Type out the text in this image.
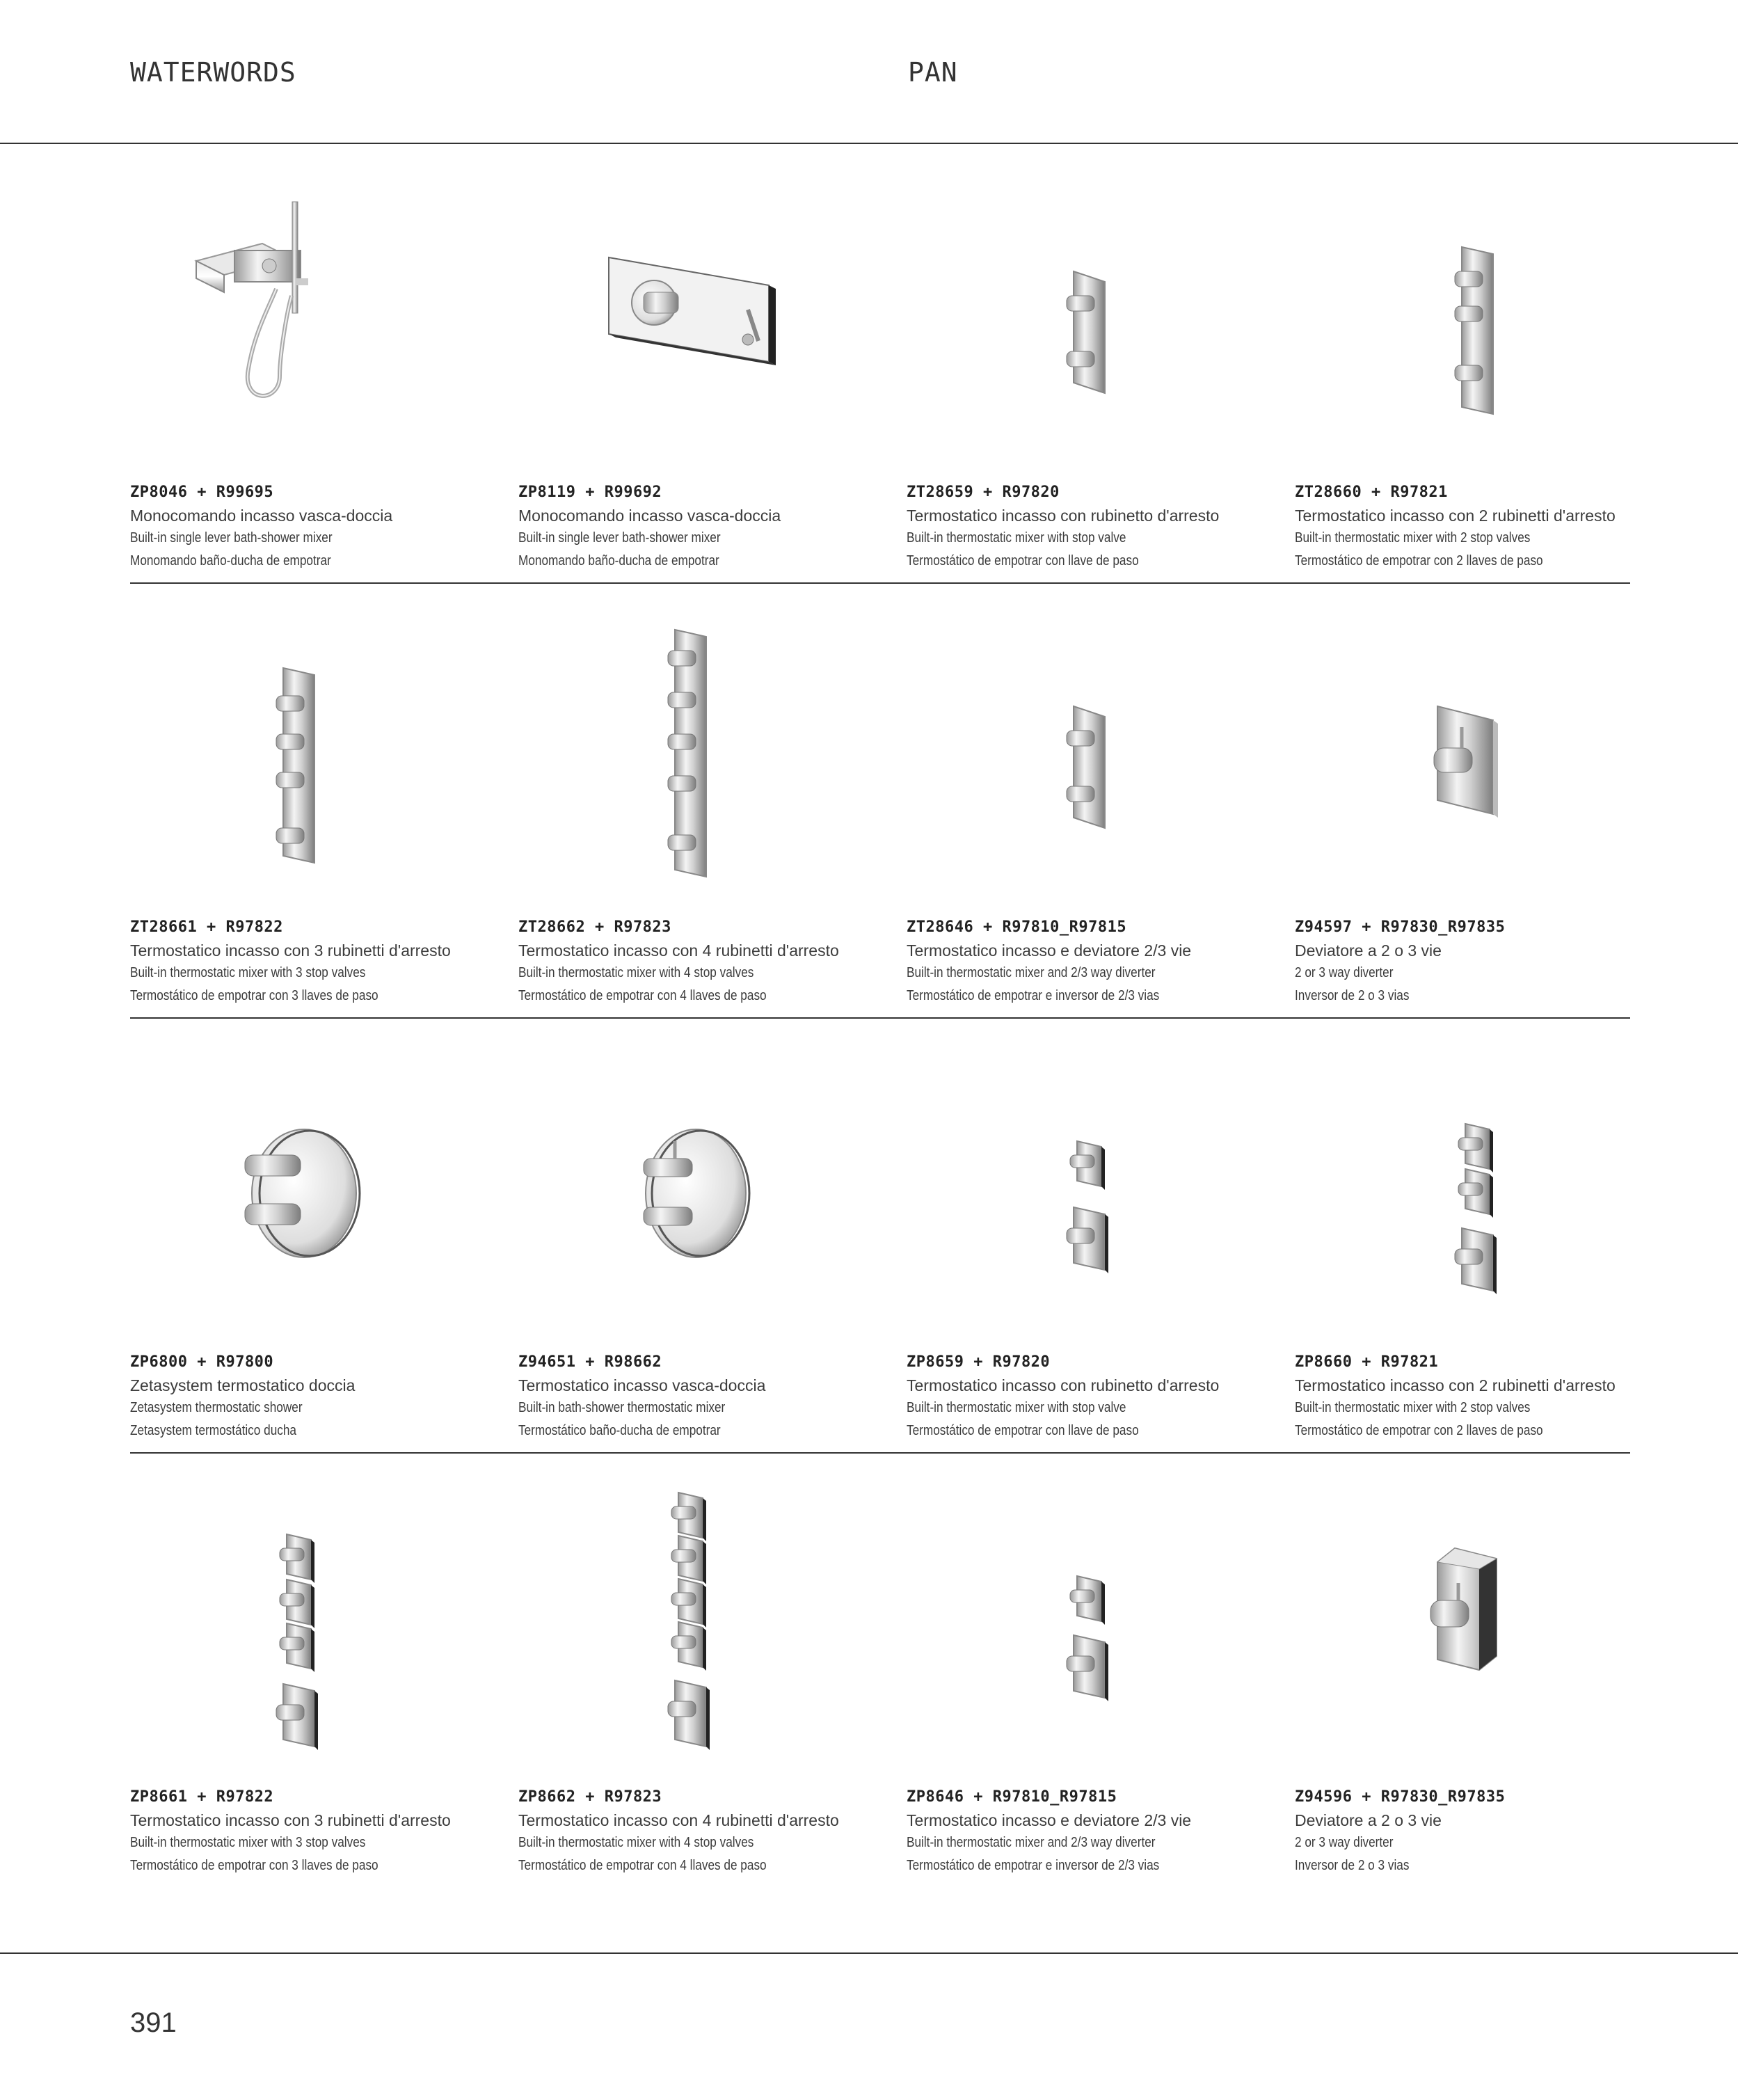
WATERWORDS	PAN
ZP8046 + R99695
Monocomando incasso vasca-doccia
Built-in single lever bath-shower mixer
Monomando baño-ducha de empotrar
ZP8119 + R99692
Monocomando incasso vasca-doccia
Built-in single lever bath-shower mixer
Monomando baño-ducha de empotrar
ZT28659 + R97820
Termostatico incasso con rubinetto d'arresto
Built-in thermostatic mixer with stop valve
Termostático de empotrar con llave de paso
ZT28660 + R97821
Termostatico incasso con 2 rubinetti d'arresto
Built-in thermostatic mixer with 2 stop valves
Termostático de empotrar con 2 llaves de paso
ZT28661 + R97822
Termostatico incasso con 3 rubinetti d'arresto
Built-in thermostatic mixer with 3 stop valves
Termostático de empotrar con 3 llaves de paso
ZT28662 + R97823
Termostatico incasso con 4 rubinetti d'arresto
Built-in thermostatic mixer with 4 stop valves
Termostático de empotrar con 4 llaves de paso
ZT28646 + R97810_R97815
Termostatico incasso e deviatore 2/3 vie
Built-in thermostatic mixer and 2/3 way diverter
Termostático de empotrar e inversor de 2/3 vias
Z94597 + R97830_R97835
Deviatore a 2 o 3 vie
2 or 3 way diverter
Inversor de 2 o 3 vias
ZP6800 + R97800
Zetasystem termostatico doccia
Zetasystem thermostatic shower
Zetasystem termostático ducha
Z94651 + R98662
Termostatico incasso vasca-doccia
Built-in bath-shower thermostatic mixer
Termostático baño-ducha de empotrar
ZP8659 + R97820
Termostatico incasso con rubinetto d'arresto
Built-in thermostatic mixer with stop valve
Termostático de empotrar con llave de paso
ZP8660 + R97821
Termostatico incasso con 2 rubinetti d'arresto
Built-in thermostatic mixer with 2 stop valves
Termostático de empotrar con 2 llaves de paso
ZP8661 + R97822
Termostatico incasso con 3 rubinetti d'arresto
Built-in thermostatic mixer with 3 stop valves
Termostático de empotrar con 3 llaves de paso
ZP8662 + R97823
Termostatico incasso con 4 rubinetti d'arresto
Built-in thermostatic mixer with 4 stop valves
Termostático de empotrar con 4 llaves de paso
ZP8646 + R97810_R97815
Termostatico incasso e deviatore 2/3 vie
Built-in thermostatic mixer and 2/3 way diverter
Termostático de empotrar e inversor de 2/3 vias
Z94596 + R97830_R97835
Deviatore a 2 o 3 vie
2 or 3 way diverter
Inversor de 2 o 3 vias
391
